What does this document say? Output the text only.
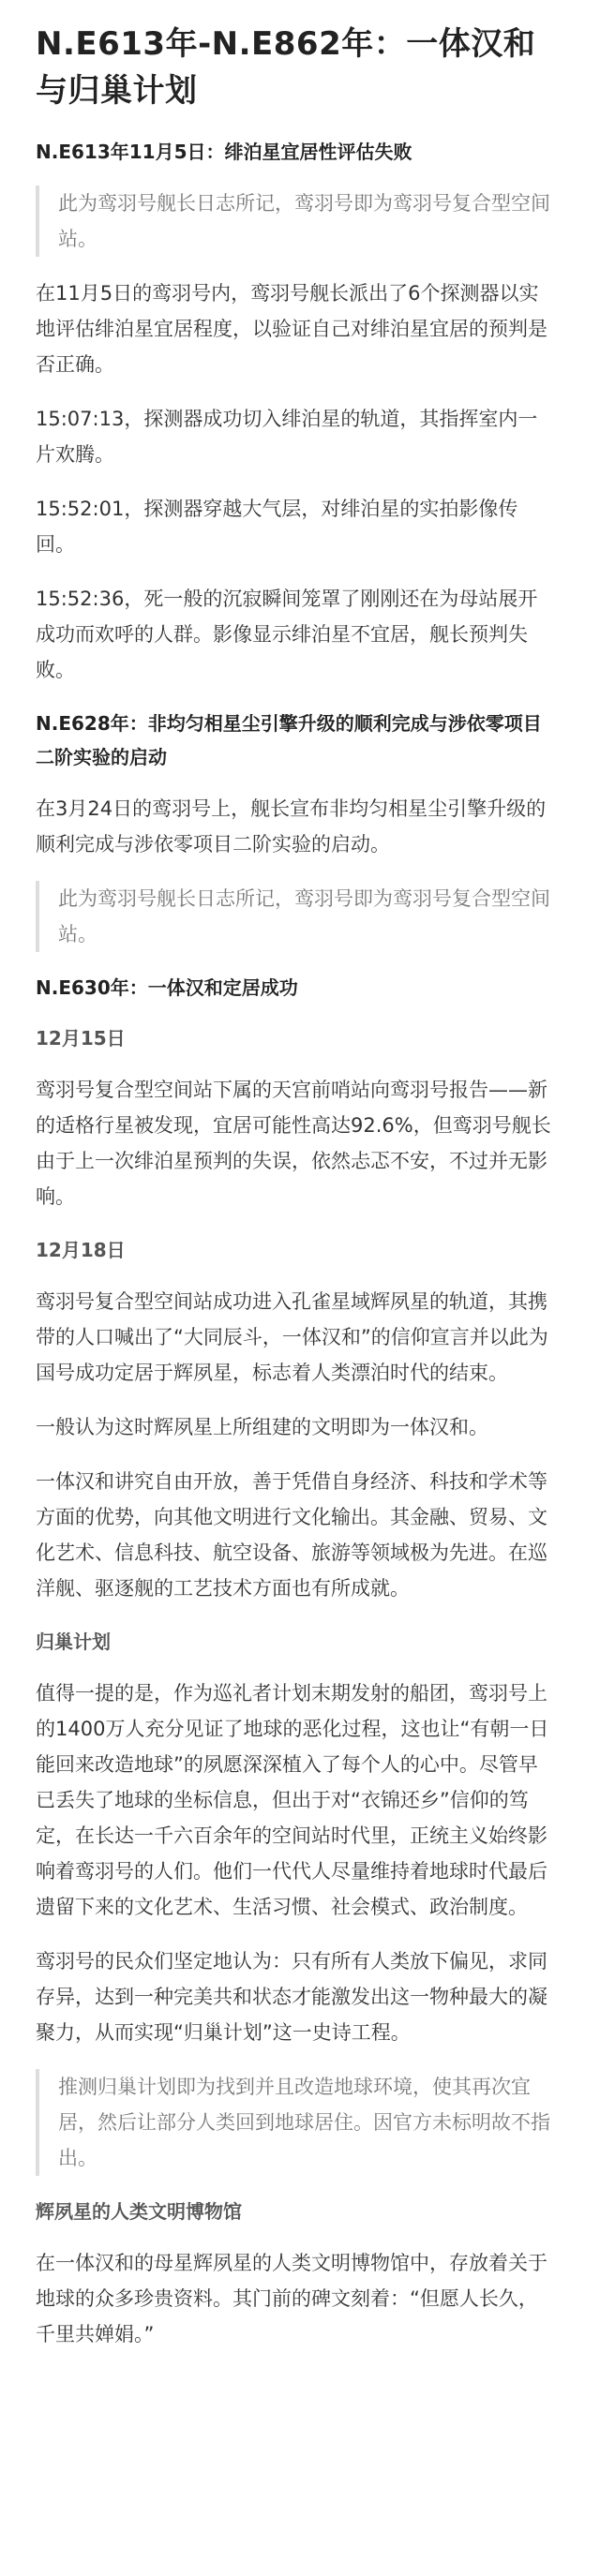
N.E613年-N.E862年：一体汉和与归巢计划
N.E613年11月5日：绯泊星宜居性评估失败
此为鸾羽号舰长日志所记，鸾羽号即为鸾羽号复合型空间站。

在11月5日的鸾羽号内，鸾羽号舰长派出了6个探测器以实地评估绯泊星宜居程度，以验证自己对绯泊星宜居的预判是否正确。

15:07:13，探测器成功切入绯泊星的轨道，其指挥室内一片欢腾。

15:52:01，探测器穿越大气层，对绯泊星的实拍影像传回。

15:52:36，死一般的沉寂瞬间笼罩了刚刚还在为母站展开成功而欢呼的人群。影像显示绯泊星不宜居，舰长预判失败。

N.E628年：非均匀相星尘引擎升级的顺利完成与涉依零项目二阶实验的启动

在3月24日的鸾羽号上，舰长宣布非均匀相星尘引擎升级的顺利完成与涉依零项目二阶实验的启动。

此为鸾羽号舰长日志所记，鸾羽号即为鸾羽号复合型空间站。
N.E630年：一体汉和定居成功
12月15日

鸾羽号复合型空间站下属的天宫前哨站向鸾羽号报告——新的适格行星被发现，宜居可能性高达92.6%，但鸾羽号舰长由于上一次绯泊星预判的失误，依然忐忑不安，不过并无影响。

12月18日

鸾羽号复合型空间站成功进入孔雀星域辉夙星的轨道，其携带的人口喊出了“大同辰斗，一体汉和”的信仰宣言并以此为国号成功定居于辉夙星，标志着人类漂泊时代的结束。

一般认为这时辉夙星上所组建的文明即为一体汉和。

一体汉和讲究自由开放，善于凭借自身经济、科技和学术等方面的优势，向其他文明进行文化输出。其金融、贸易、文化艺术、信息科技、航空设备、旅游等领域极为先进。在巡洋舰、驱逐舰的工艺技术方面也有所成就。

归巢计划

值得一提的是，作为巡礼者计划末期发射的船团，鸾羽号上的1400万人充分见证了地球的恶化过程，这也让“有朝一日能回来改造地球”的夙愿深深植入了每个人的心中。尽管早已丢失了地球的坐标信息，但出于对“衣锦还乡”信仰的笃定，在长达一千六百余年的空间站时代里，正统主义始终影响着鸾羽号的人们。他们一代代人尽量维持着地球时代最后遗留下来的文化艺术、生活习惯、社会模式、政治制度。

鸾羽号的民众们坚定地认为：只有所有人类放下偏见，求同存异，达到一种完美共和状态才能激发出这一物种最大的凝聚力，从而实现“归巢计划”这一史诗工程。

推测归巢计划即为找到并且改造地球环境，使其再次宜居，然后让部分人类回到地球居住。因官方未标明故不指出。
辉夙星的人类文明博物馆

在一体汉和的母星辉夙星的人类文明博物馆中，存放着关于地球的众多珍贵资料。其门前的碑文刻着：“但愿人长久，千里共婵娟。”
